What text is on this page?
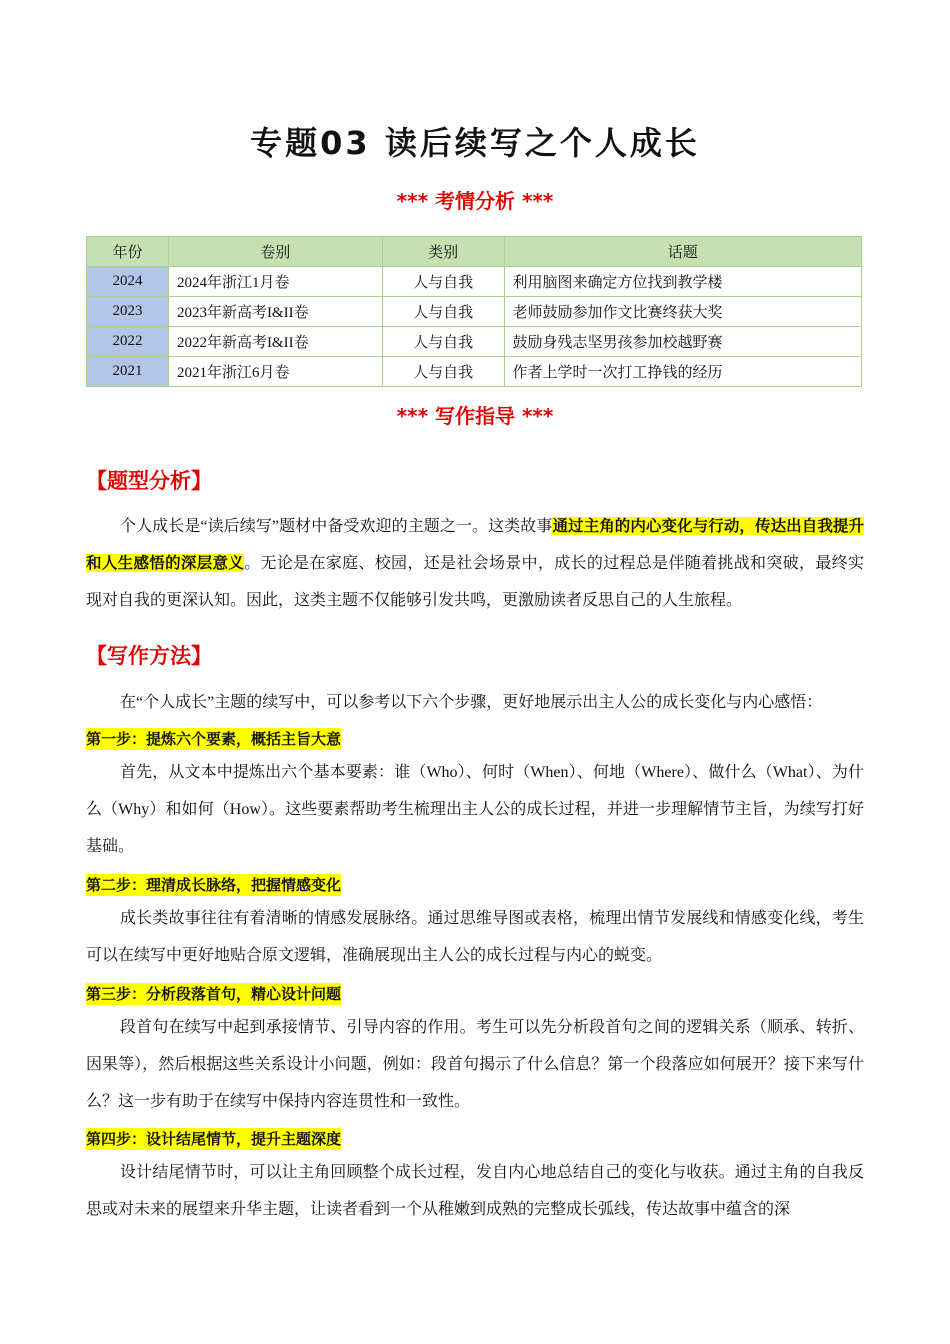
专题03 读后续写之个人成长
*** 考情分析 ***
年份	卷别	类别	话题
2024	2024年浙江1月卷	人与自我	利用脑图来确定方位找到教学楼
2023	2023年新高考I&II卷	人与自我	老师鼓励参加作文比赛终获大奖
2022	2022年新高考I&II卷	人与自我	鼓励身残志坚男孩参加校越野赛
2021	2021年浙江6月卷	人与自我	作者上学时一次打工挣钱的经历
*** 写作指导 ***
【题型分析】
个人成长是“读后续写”题材中备受欢迎的主题之一。这类故事通过主角的内心变化与行动，传达出自我提升和人生感悟的深层意义。无论是在家庭、校园，还是社会场景中，成长的过程总是伴随着挑战和突破，最终实现对自我的更深认知。因此，这类主题不仅能够引发共鸣，更激励读者反思自己的人生旅程。
【写作方法】
在“个人成长”主题的续写中，可以参考以下六个步骤，更好地展示出主人公的成长变化与内心感悟：
第一步：提炼六个要素，概括主旨大意
首先，从文本中提炼出六个基本要素：谁（Who）、何时（When）、何地（Where）、做什么（What）、为什么（Why）和如何（How）。这些要素帮助考生梳理出主人公的成长过程，并进一步理解情节主旨，为续写打好基础。
第二步：理清成长脉络，把握情感变化
成长类故事往往有着清晰的情感发展脉络。通过思维导图或表格，梳理出情节发展线和情感变化线，考生可以在续写中更好地贴合原文逻辑，准确展现出主人公的成长过程与内心的蜕变。
第三步：分析段落首句，精心设计问题
段首句在续写中起到承接情节、引导内容的作用。考生可以先分析段首句之间的逻辑关系（顺承、转折、因果等），然后根据这些关系设计小问题，例如：段首句揭示了什么信息？第一个段落应如何展开？接下来写什么？这一步有助于在续写中保持内容连贯性和一致性。
第四步：设计结尾情节，提升主题深度
设计结尾情节时，可以让主角回顾整个成长过程，发自内心地总结自己的变化与收获。通过主角的自我反思或对未来的展望来升华主题，让读者看到一个从稚嫩到成熟的完整成长弧线，传达故事中蕴含的深
